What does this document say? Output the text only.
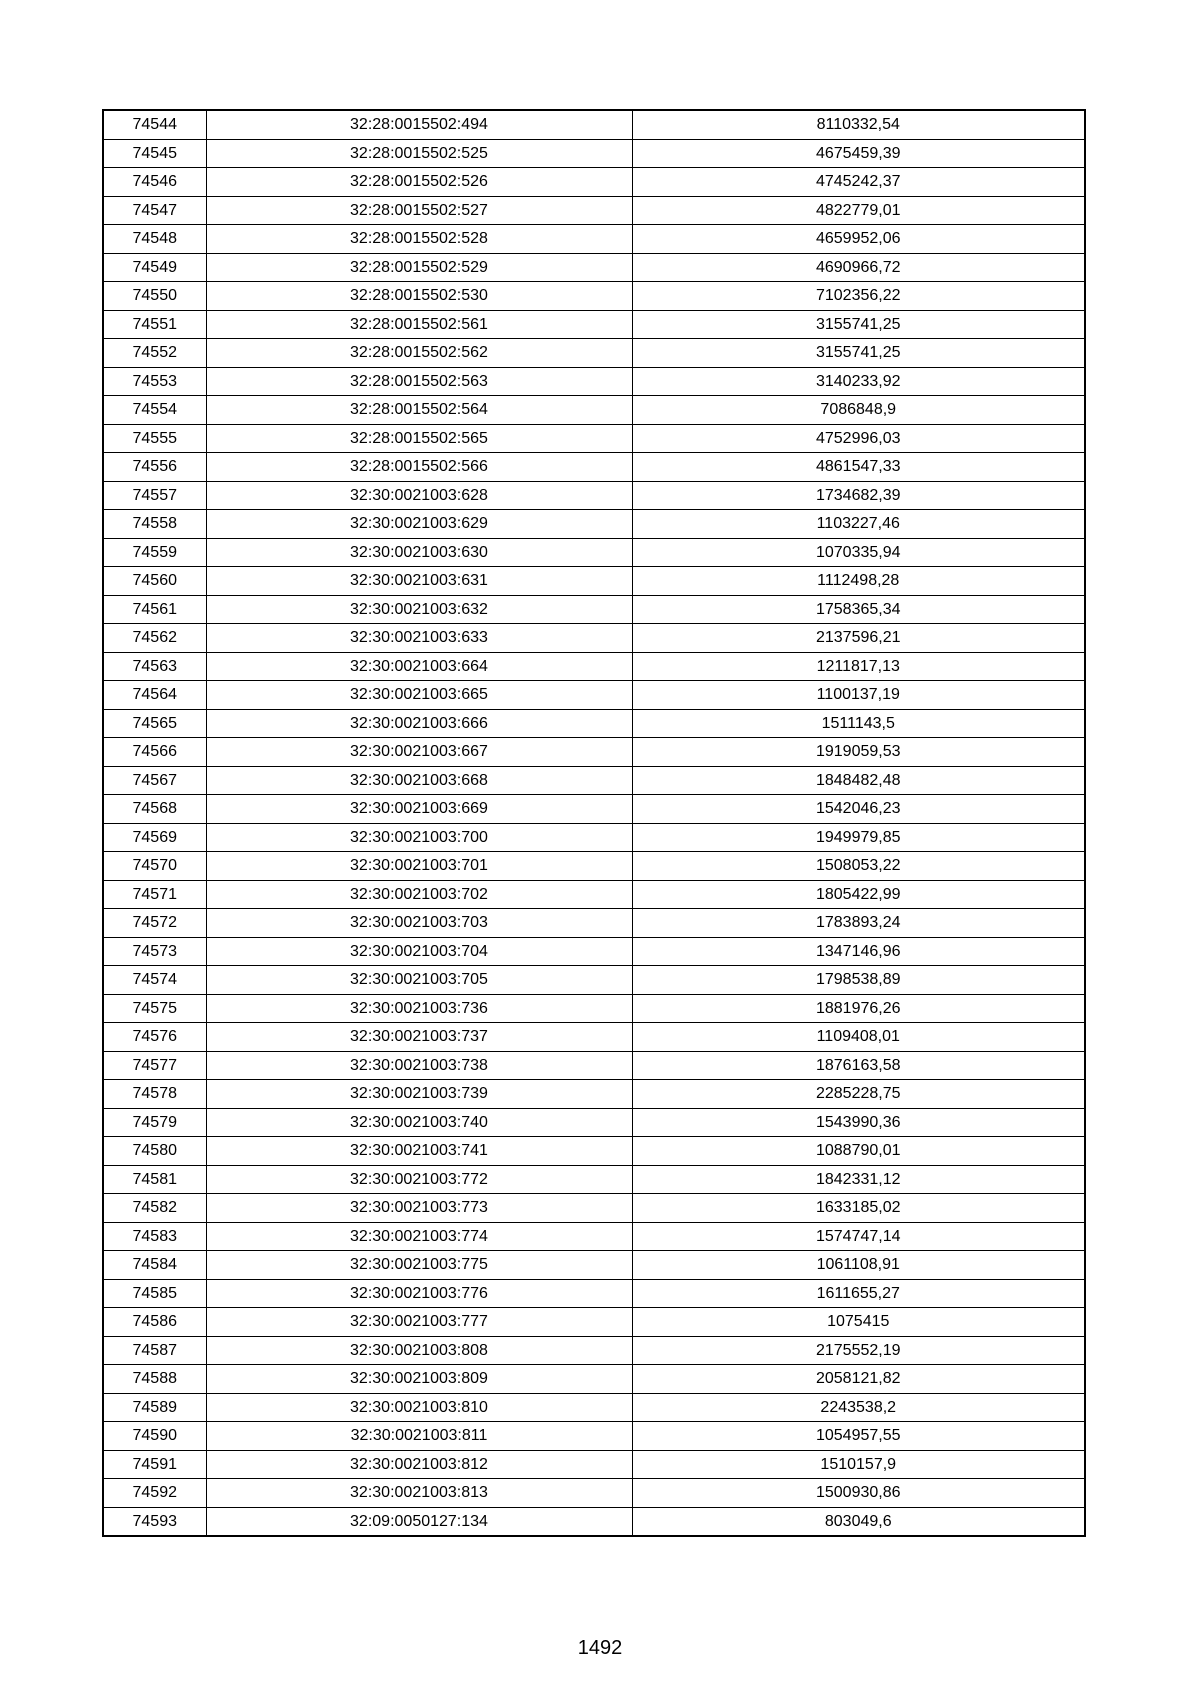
74544	32:28:0015502:494	8110332,54
74545	32:28:0015502:525	4675459,39
74546	32:28:0015502:526	4745242,37
74547	32:28:0015502:527	4822779,01
74548	32:28:0015502:528	4659952,06
74549	32:28:0015502:529	4690966,72
74550	32:28:0015502:530	7102356,22
74551	32:28:0015502:561	3155741,25
74552	32:28:0015502:562	3155741,25
74553	32:28:0015502:563	3140233,92
74554	32:28:0015502:564	7086848,9
74555	32:28:0015502:565	4752996,03
74556	32:28:0015502:566	4861547,33
74557	32:30:0021003:628	1734682,39
74558	32:30:0021003:629	1103227,46
74559	32:30:0021003:630	1070335,94
74560	32:30:0021003:631	1112498,28
74561	32:30:0021003:632	1758365,34
74562	32:30:0021003:633	2137596,21
74563	32:30:0021003:664	1211817,13
74564	32:30:0021003:665	1100137,19
74565	32:30:0021003:666	1511143,5
74566	32:30:0021003:667	1919059,53
74567	32:30:0021003:668	1848482,48
74568	32:30:0021003:669	1542046,23
74569	32:30:0021003:700	1949979,85
74570	32:30:0021003:701	1508053,22
74571	32:30:0021003:702	1805422,99
74572	32:30:0021003:703	1783893,24
74573	32:30:0021003:704	1347146,96
74574	32:30:0021003:705	1798538,89
74575	32:30:0021003:736	1881976,26
74576	32:30:0021003:737	1109408,01
74577	32:30:0021003:738	1876163,58
74578	32:30:0021003:739	2285228,75
74579	32:30:0021003:740	1543990,36
74580	32:30:0021003:741	1088790,01
74581	32:30:0021003:772	1842331,12
74582	32:30:0021003:773	1633185,02
74583	32:30:0021003:774	1574747,14
74584	32:30:0021003:775	1061108,91
74585	32:30:0021003:776	1611655,27
74586	32:30:0021003:777	1075415
74587	32:30:0021003:808	2175552,19
74588	32:30:0021003:809	2058121,82
74589	32:30:0021003:810	2243538,2
74590	32:30:0021003:811	1054957,55
74591	32:30:0021003:812	1510157,9
74592	32:30:0021003:813	1500930,86
74593	32:09:0050127:134	803049,6
1492
